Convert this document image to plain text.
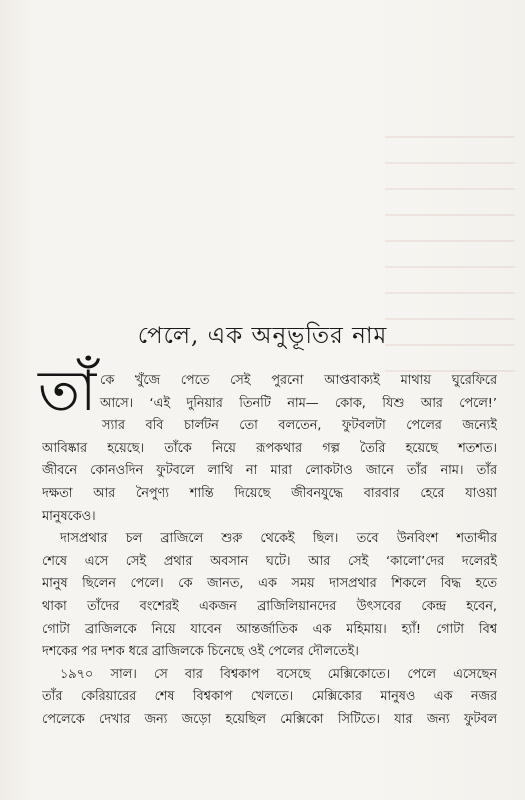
পেলে, এক অনুভূতির নাম
তাঁ কে খুঁজে পেতে সেই পুরনো আপ্তবাক্যই মাথায় ঘুরেফিরে
আসে। ‘এই দুনিয়ার তিনটি নাম— কোক, যিশু আর পেলে!’
স্যার ববি চার্লটন তো বলতেন, ফুটবলটা পেলের জন্যেই
আবিষ্কার হয়েছে। তাঁকে নিয়ে রূপকথার গল্প তৈরি হয়েছে শতশত।
জীবনে কোনওদিন ফুটবলে লাথি না মারা লোকটাও জানে তাঁর নাম। তাঁর
দক্ষতা আর নৈপুণ্য শান্তি দিয়েছে জীবনযুদ্ধে বারবার হেরে যাওয়া
মানুষকেও।
দাসপ্রথার চল ব্রাজিলে শুরু থেকেই ছিল। তবে উনবিংশ শতাব্দীর
শেষে এসে সেই প্রথার অবসান ঘটে। আর সেই ‘কালো’দের দলেরই
মানুষ ছিলেন পেলে। কে জানত, এক সময় দাসপ্রথার শিকলে বিদ্ধ হতে
থাকা তাঁদের বংশেরই একজন ব্রাজিলিয়ানদের উৎসবের কেন্দ্র হবেন,
গোটা ব্রাজিলকে নিয়ে যাবেন আন্তর্জাতিক এক মহিমায়। হ্যাঁ! গোটা বিশ্ব
দশকের পর দশক ধরে ব্রাজিলকে চিনেছে ওই পেলের দৌলতেই।
১৯৭০ সাল। সে বার বিশ্বকাপ বসেছে মেক্সিকোতে। পেলে এসেছেন
তাঁর কেরিয়ারের শেষ বিশ্বকাপ খেলতে। মেক্সিকোর মানুষও এক নজর
পেলেকে দেখার জন্য জড়ো হয়েছিল মেক্সিকো সিটিতে। যার জন্য ফুটবল
